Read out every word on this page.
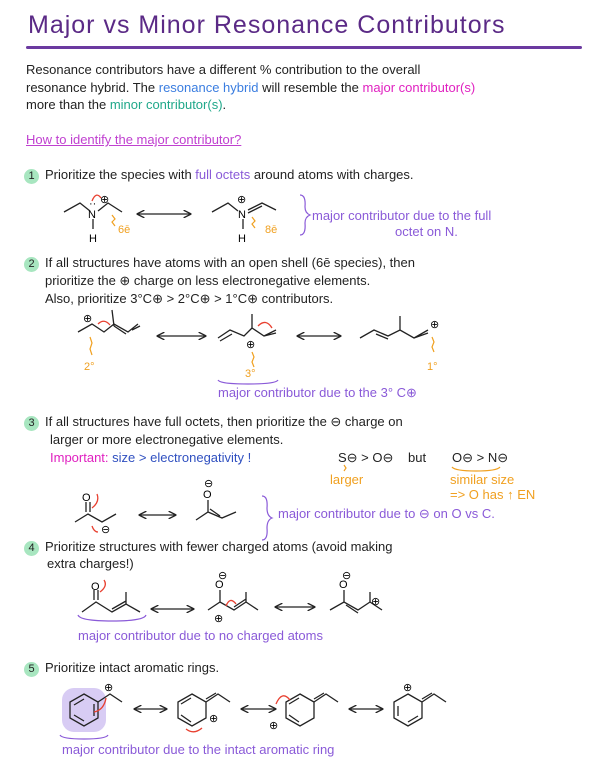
Major vs Minor Resonance Contributors
Resonance contributors have a different % contribution to the overall
resonance hybrid. The resonance hybrid will resemble the major contributor(s)
more than the minor contributor(s).
How to identify the major contributor?
1 Prioritize the species with full octets around atoms with charges.
major contributor due to the full
octet on N.
2 If all structures have atoms with an open shell (6ē species), then
prioritize the ⊕ charge on less electronegative elements.
Also, prioritize 3°C⊕ > 2°C⊕ > 1°C⊕ contributors.
major contributor due to the 3° C⊕
3 If all structures have full octets, then prioritize the ⊖ charge on
larger or more electronegative elements.
Important: size > electronegativity !	S⊖ > O⊖ but O⊖ > N⊖
larger	similar size
=> O has ↑ EN
major contributor due to ⊖ on O vs C.
4 Prioritize structures with fewer charged atoms (avoid making
extra charges!)
major contributor due to no charged atoms
5 Prioritize intact aromatic rings.
major contributor due to the intact aromatic ring
N
H
⊕
··
6ē
N
H
⊕
8ē
⊕
2°
⊕
3°
⊕
1°
O
⊖
O
⊖
O	O
⊖
⊕
O
⊖
⊕
⊕
⊕
⊕
⊕
